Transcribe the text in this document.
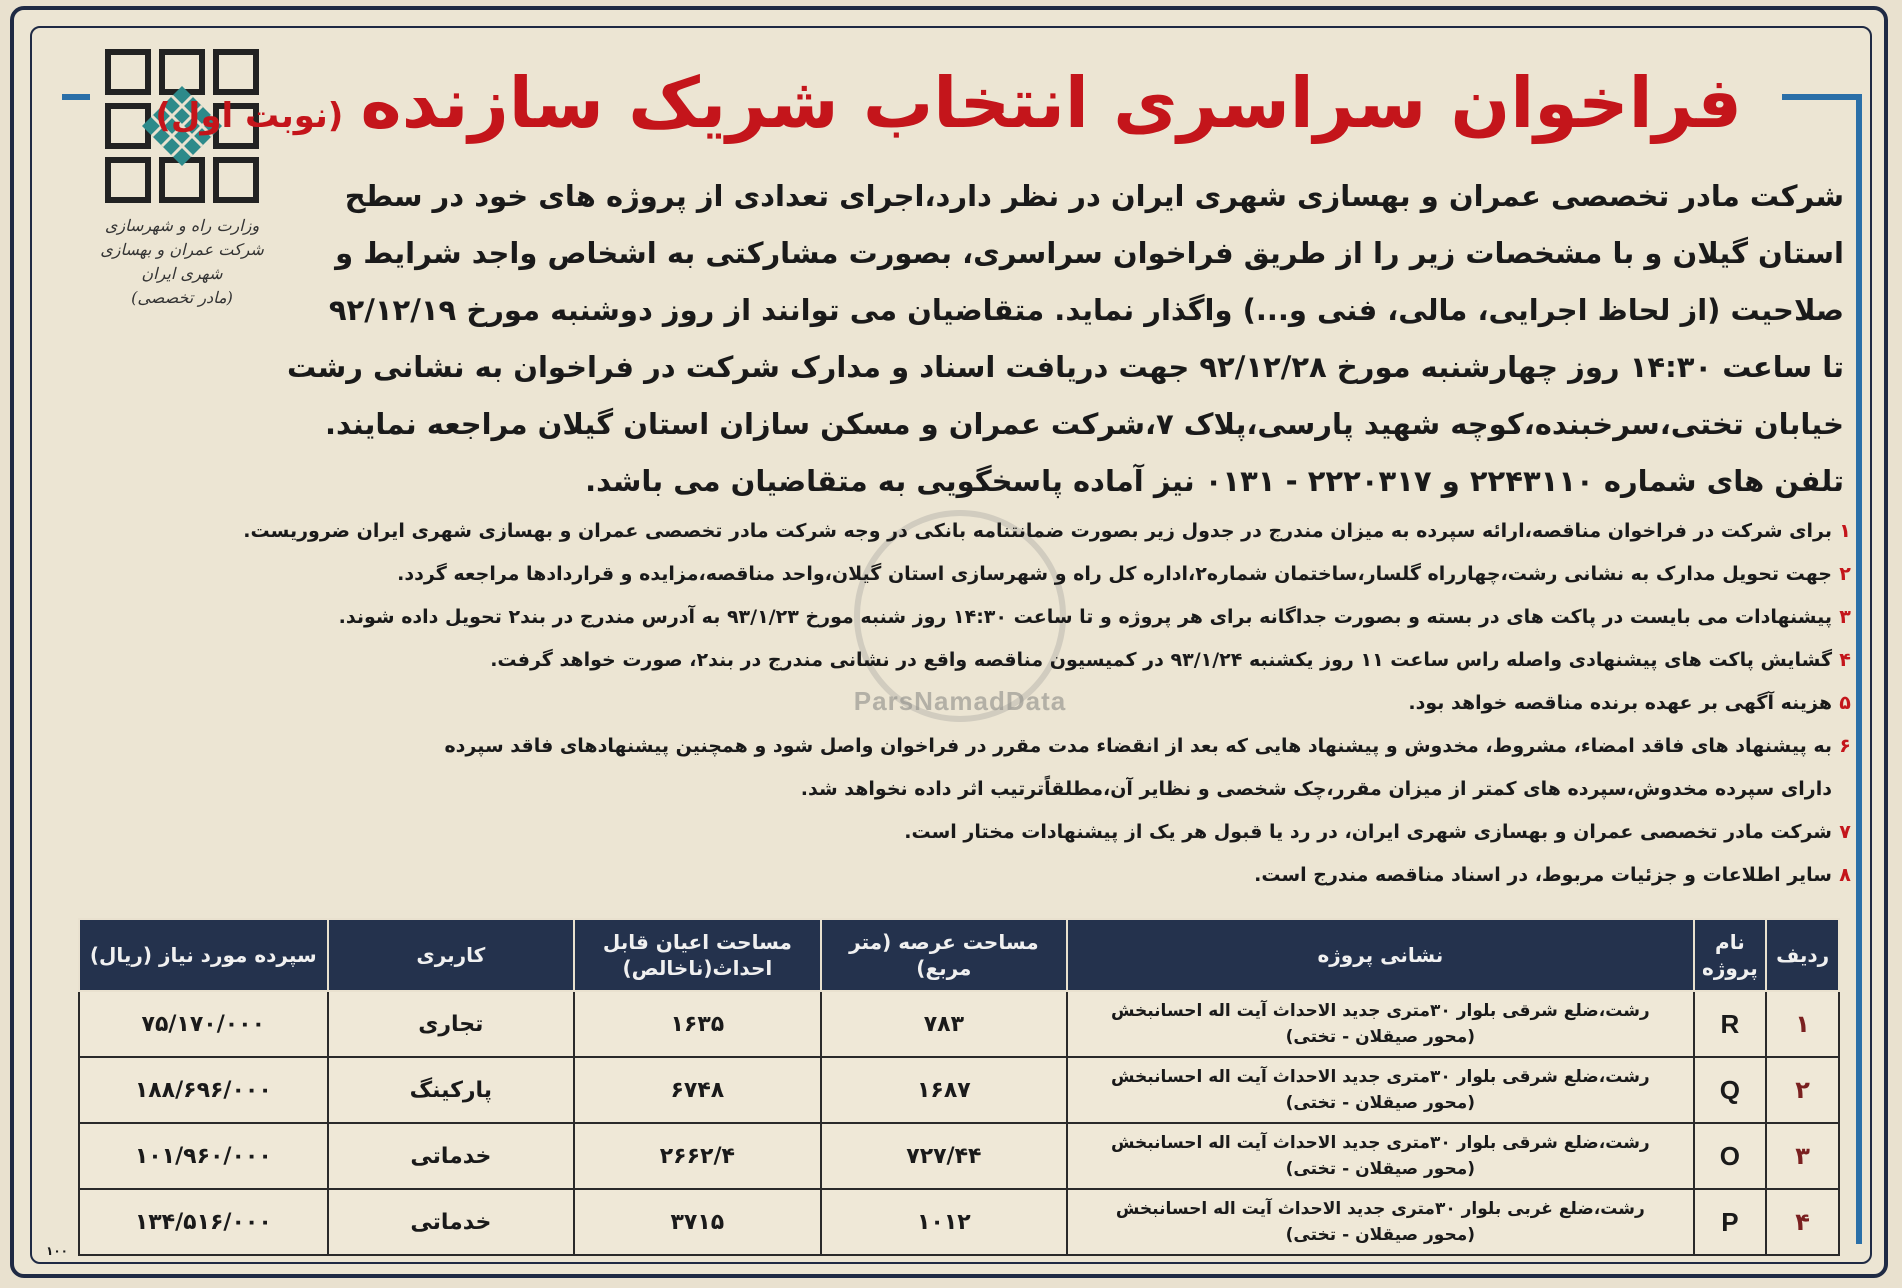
وزارت راه و شهرسازی
شرکت عمران و بهسازی شهری ایران
(مادر تخصصی)
فراخوان سراسری انتخاب شریک سازنده (نوبت اول)

شرکت مادر تخصصی عمران و بهسازی شهری ایران در نظر دارد،اجرای تعدادی از پروژه های خود در سطح

استان گیلان و با مشخصات زیر را از طریق فراخوان سراسری، بصورت مشارکتی به اشخاص واجد شرایط و

صلاحیت (از لحاظ اجرایی، مالی، فنی و...) واگذار نماید. متقاضیان می توانند از روز دوشنبه مورخ ۹۲/۱۲/۱۹

تا ساعت ۱۴:۳۰ روز چهارشنبه مورخ ۹۲/۱۲/۲۸ جهت دریافت اسناد و مدارک شرکت در فراخوان به نشانی رشت

خیابان تختی،سرخبنده،کوچه شهید پارسی،پلاک ۷،شرکت عمران و مسکن سازان استان گیلان مراجعه نمایند.

تلفن های شماره ۲۲۴۳۱۱۰ و ۲۲۲۰۳۱۷ - ۰۱۳۱ نیز آماده پاسخگویی به متقاضیان می باشد.

ParsNamadData
۱
برای شرکت در فراخوان مناقصه،ارائه سپرده به میزان مندرج در جدول زیر بصورت ضمانتنامه بانکی در وجه شرکت مادر تخصصی عمران و بهسازی شهری ایران ضروریست.
۲
جهت تحویل مدارک به نشانی رشت،چهارراه گلسار،ساختمان شماره۲،اداره کل راه و شهرسازی استان گیلان،واحد مناقصه،مزایده و قراردادها مراجعه گردد.
۳
پیشنهادات می بایست در پاکت های در بسته و بصورت جداگانه برای هر پروژه و تا ساعت ۱۴:۳۰ روز شنبه مورخ ۹۳/۱/۲۳ به آدرس مندرج در بند۲ تحویل داده شوند.
۴
گشایش پاکت های پیشنهادی واصله راس ساعت ۱۱ روز یکشنبه ۹۳/۱/۲۴ در کمیسیون مناقصه واقع در نشانی مندرج در بند۲، صورت خواهد گرفت.
۵
هزینه آگهی بر عهده برنده مناقصه خواهد بود.
۶
به پیشنهاد های فاقد امضاء، مشروط، مخدوش و پیشنهاد هایی که بعد از انقضاء مدت مقرر در فراخوان واصل شود و همچنین پیشنهادهای فاقد سپرده
دارای سپرده مخدوش،سپرده های کمتر از میزان مقرر،چک شخصی و نظایر آن،مطلقاًترتیب اثر داده نخواهد شد.
۷
شرکت مادر تخصصی عمران و بهسازی شهری ایران، در رد یا قبول هر یک از پیشنهادات مختار است.
۸
سایر اطلاعات و جزئیات مربوط، در اسناد مناقصه مندرج است.
ردیف	نام پروژه	نشانی پروژه	مساحت عرصه (متر مربع)	مساحت اعیان قابل احداث(ناخالص)	کاربری	سپرده مورد نیاز (ریال)
۱	R	رشت،ضلع شرقی بلوار ۳۰متری جدید الاحداث آیت اله احسانبخش
(محور صیقلان - تختی)	۷۸۳	۱۶۳۵	تجاری	۷۵/۱۷۰/۰۰۰
۲	Q	رشت،ضلع شرقی بلوار ۳۰متری جدید الاحداث آیت اله احسانبخش
(محور صیقلان - تختی)	۱۶۸۷	۶۷۴۸	پارکینگ	۱۸۸/۶۹۶/۰۰۰
۳	O	رشت،ضلع شرقی بلوار ۳۰متری جدید الاحداث آیت اله احسانبخش
(محور صیقلان - تختی)	۷۲۷/۴۴	۲۶۶۲/۴	خدماتی	۱۰۱/۹۶۰/۰۰۰
۴	P	رشت،ضلع غربی بلوار ۳۰متری جدید الاحداث آیت اله احسانبخش
(محور صیقلان - تختی)	۱۰۱۲	۳۷۱۵	خدماتی	۱۳۴/۵۱۶/۰۰۰
۱۰۰
